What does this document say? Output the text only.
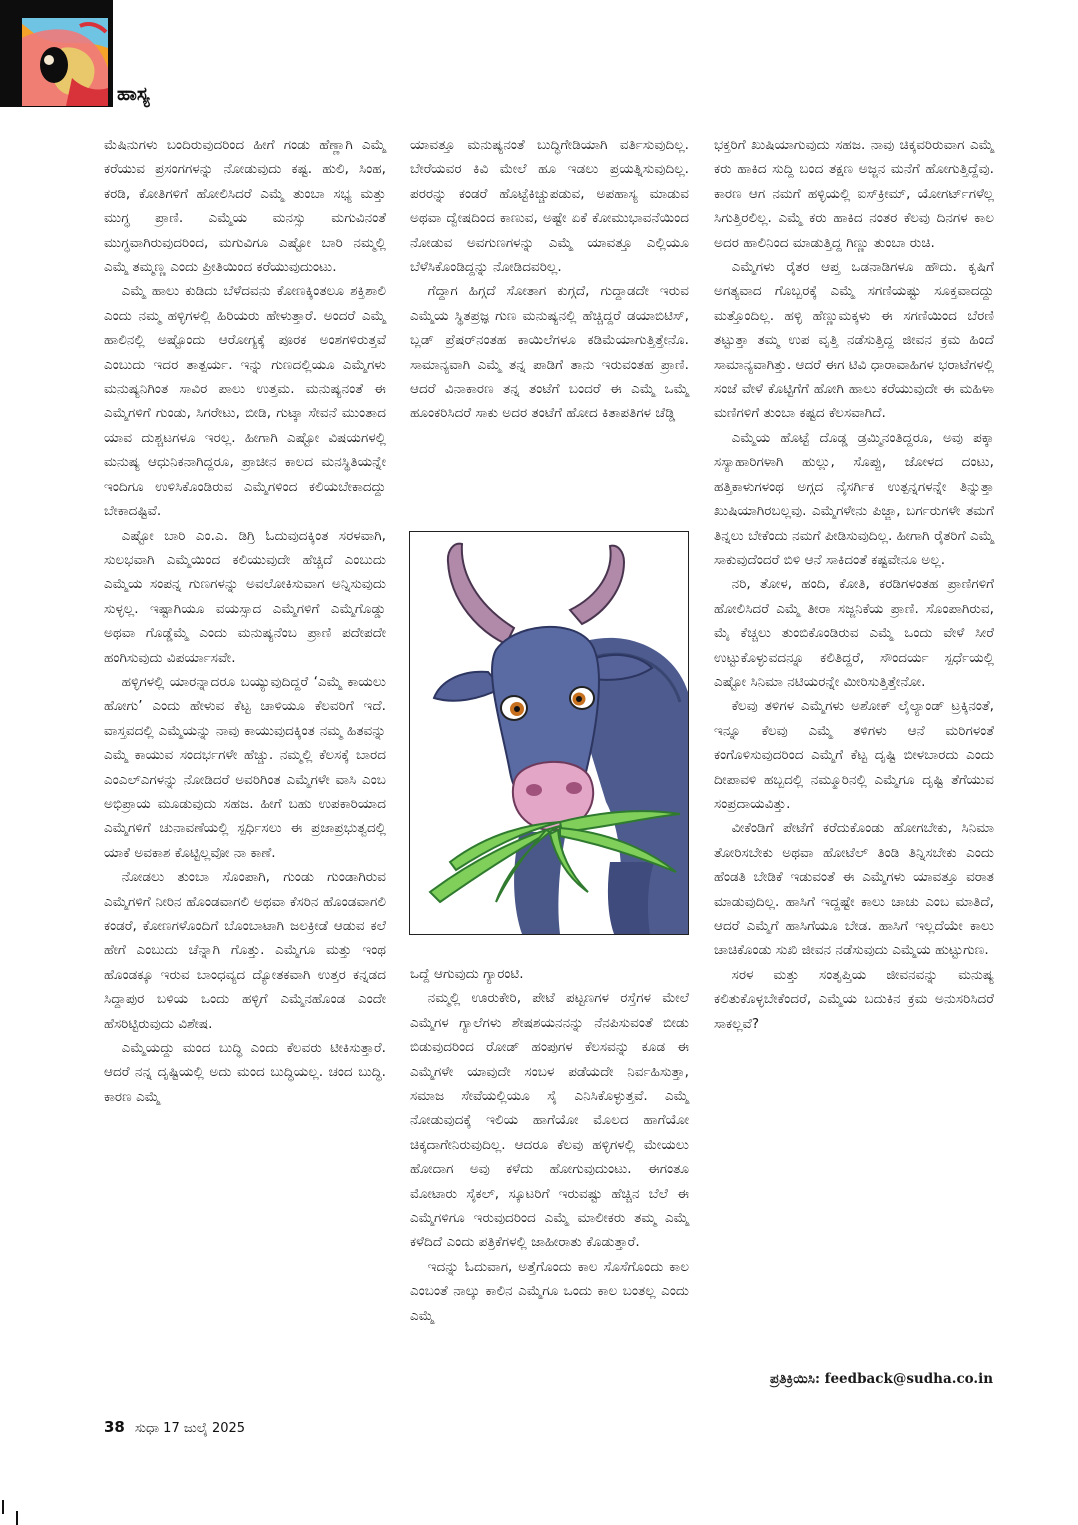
ಹಾಸ್ಯ

ಮೆಷಿನುಗಳು ಬಂದಿರುವುದರಿಂದ ಹೀಗೆ ಗಂಡು ಹೆಣ್ಣಾಗಿ ಎಮ್ಮೆ ಕರೆಯುವ ಪ್ರಸಂಗಗಳನ್ನು ನೋಡುವುದು ಕಷ್ಟ. ಹುಲಿ, ಸಿಂಹ, ಕರಡಿ, ಕೋತಿಗಳಿಗೆ ಹೋಲಿಸಿದರೆ ಎಮ್ಮೆ ತುಂಬಾ ಸಭ್ಯ ಮತ್ತು ಮುಗ್ಧ ಪ್ರಾಣಿ. ಎಮ್ಮೆಯ ಮನಸ್ಸು ಮಗುವಿನಂತೆ ಮುಗ್ಧವಾಗಿರುವುದರಿಂದ, ಮಗುವಿಗೂ ಎಷ್ಟೋ ಬಾರಿ ನಮ್ಮಲ್ಲಿ ಎಮ್ಮೆ ತಮ್ಮಣ್ಣ ಎಂದು ಪ್ರೀತಿಯಿಂದ ಕರೆಯುವುದುಂಟು.

ಎಮ್ಮೆ ಹಾಲು ಕುಡಿದು ಬೆಳೆದವನು ಕೋಣಕ್ಕಿಂತಲೂ ಶಕ್ತಿಶಾಲಿ ಎಂದು ನಮ್ಮ ಹಳ್ಳಿಗಳಲ್ಲಿ ಹಿರಿಯರು ಹೇಳುತ್ತಾರೆ. ಅಂದರೆ ಎಮ್ಮೆ ಹಾಲಿನಲ್ಲಿ ಅಷ್ಟೊಂದು ಆರೋಗ್ಯಕ್ಕೆ ಪೂರಕ ಅಂಶಗಳಿರುತ್ತವೆ ಎಂಬುದು ಇದರ ತಾತ್ಪರ್ಯ. ಇನ್ನು ಗುಣದಲ್ಲಿಯೂ ಎಮ್ಮೆಗಳು ಮನುಷ್ಯನಿಗಿಂತ ಸಾವಿರ ಪಾಲು ಉತ್ತಮ. ಮನುಷ್ಯನಂತೆ ಈ ಎಮ್ಮೆಗಳಿಗೆ ಗುಂಡು, ಸಿಗರೇಟು, ಬೀಡಿ, ಗುಟ್ಕಾ ಸೇವನೆ ಮುಂತಾದ ಯಾವ ದುಶ್ಚಟಗಳೂ ಇರಲ್ಲ. ಹೀಗಾಗಿ ಎಷ್ಟೋ ವಿಷಯಗಳಲ್ಲಿ ಮನುಷ್ಯ ಆಧುನಿಕನಾಗಿದ್ದರೂ, ಪ್ರಾಚೀನ ಕಾಲದ ಮನಸ್ಥಿತಿಯನ್ನೇ ಇಂದಿಗೂ ಉಳಿಸಿಕೊಂಡಿರುವ ಎಮ್ಮೆಗಳಿಂದ ಕಲಿಯಬೇಕಾದದ್ದು ಬೇಕಾದಷ್ಟಿವೆ.

ಎಷ್ಟೋ ಬಾರಿ ಎಂ.ಎ. ಡಿಗ್ರಿ ಓದುವುದಕ್ಕಿಂತ ಸರಳವಾಗಿ, ಸುಲಭವಾಗಿ ಎಮ್ಮೆಯಿಂದ ಕಲಿಯುವುದೇ ಹೆಚ್ಚಿದೆ ಎಂಬುದು ಎಮ್ಮೆಯ ಸಂಪನ್ನ ಗುಣಗಳನ್ನು ಅವಲೋಕಿಸುವಾಗ ಅನ್ನಿಸುವುದು ಸುಳ್ಳಲ್ಲ. ಇಷ್ಟಾಗಿಯೂ ವಯಸ್ಸಾದ ಎಮ್ಮೆಗಳಿಗೆ ಎಮ್ಮೆಗೊಡ್ಡು ಅಥವಾ ಗೊಡ್ಡೆಮ್ಮೆ ಎಂದು ಮನುಷ್ಯನೆಂಬ ಪ್ರಾಣಿ ಪದೇಪದೇ ಹಂಗಿಸುವುದು ವಿಪರ್ಯಾಸವೇ.

ಹಳ್ಳಿಗಳಲ್ಲಿ ಯಾರನ್ನಾದರೂ ಬಯ್ಯುವುದಿದ್ದರೆ ‘ಎಮ್ಮೆ ಕಾಯಲು ಹೋಗು’ ಎಂದು ಹೇಳುವ ಕೆಟ್ಟ ಚಾಳಿಯೂ ಕೆಲವರಿಗೆ ಇದೆ. ವಾಸ್ತವದಲ್ಲಿ ಎಮ್ಮೆಯನ್ನು ನಾವು ಕಾಯುವುದಕ್ಕಿಂತ ನಮ್ಮ ಹಿತವನ್ನು ಎಮ್ಮೆ ಕಾಯುವ ಸಂದರ್ಭಗಳೇ ಹೆಚ್ಚು. ನಮ್ಮಲ್ಲಿ ಕೆಲಸಕ್ಕೆ ಬಾರದ ಎಂಎಲ್ಎಗಳನ್ನು ನೋಡಿದರೆ ಅವರಿಗಿಂತ ಎಮ್ಮೆಗಳೇ ವಾಸಿ ಎಂಬ ಅಭಿಪ್ರಾಯ ಮೂಡುವುದು ಸಹಜ. ಹೀಗೆ ಬಹು ಉಪಕಾರಿಯಾದ ಎಮ್ಮೆಗಳಿಗೆ ಚುನಾವಣೆಯಲ್ಲಿ ಸ್ಪರ್ಧಿಸಲು ಈ ಪ್ರಜಾಪ್ರಭುತ್ವದಲ್ಲಿ ಯಾಕೆ ಅವಕಾಶ ಕೊಟ್ಟಿಲ್ಲವೋ ನಾ ಕಾಣೆ.

ನೋಡಲು ತುಂಬಾ ಸೊಂಪಾಗಿ, ಗುಂಡು ಗುಂಡಾಗಿರುವ ಎಮ್ಮೆಗಳಿಗೆ ನೀರಿನ ಹೊಂಡವಾಗಲಿ ಅಥವಾ ಕೆಸರಿನ ಹೊಂಡವಾಗಲಿ ಕಂಡರೆ, ಕೋಣಗಳೊಂದಿಗೆ ಬೊಂಬಾಟಾಗಿ ಜಲಕ್ರೀಡೆ ಆಡುವ ಕಲೆ ಹೇಗೆ ಎಂಬುದು ಚೆನ್ನಾಗಿ ಗೊತ್ತು. ಎಮ್ಮೆಗೂ ಮತ್ತು ಇಂಥ ಹೊಂಡಕ್ಕೂ ಇರುವ ಬಾಂಧವ್ಯದ ದ್ಯೋತಕವಾಗಿ ಉತ್ತರ ಕನ್ನಡದ ಸಿದ್ದಾಪುರ ಬಳಿಯ ಒಂದು ಹಳ್ಳಿಗೆ ಎಮ್ಮೆನಹೊಂಡ ಎಂದೇ ಹೆಸರಿಟ್ಟಿರುವುದು ವಿಶೇಷ.

ಎಮ್ಮೆಯದ್ದು ಮಂದ ಬುದ್ಧಿ ಎಂದು ಕೆಲವರು ಟೀಕಿಸುತ್ತಾರೆ. ಆದರೆ ನನ್ನ ದೃಷ್ಟಿಯಲ್ಲಿ ಅದು ಮಂದ ಬುದ್ಧಿಯಲ್ಲ. ಚಂದ ಬುದ್ಧಿ. ಕಾರಣ ಎಮ್ಮೆ

ಯಾವತ್ತೂ ಮನುಷ್ಯನಂತೆ ಬುದ್ಧಿಗೇಡಿಯಾಗಿ ವರ್ತಿಸುವುದಿಲ್ಲ. ಬೇರೆಯವರ ಕಿವಿ ಮೇಲೆ ಹೂ ಇಡಲು ಪ್ರಯತ್ನಿಸುವುದಿಲ್ಲ. ಪರರನ್ನು ಕಂಡರೆ ಹೊಟ್ಟೆಕಿಚ್ಚುಪಡುವ, ಅಪಹಾಸ್ಯ ಮಾಡುವ ಅಥವಾ ದ್ವೇಷದಿಂದ ಕಾಣುವ, ಅಷ್ಟೇ ಏಕೆ ಕೋಮುಭಾವನೆಯಿಂದ ನೋಡುವ ಅವಗುಣಗಳನ್ನು ಎಮ್ಮೆ ಯಾವತ್ತೂ ಎಲ್ಲಿಯೂ ಬೆಳೆಸಿಕೊಂಡಿದ್ದನ್ನು ನೋಡಿದವರಿಲ್ಲ.

ಗೆದ್ದಾಗ ಹಿಗ್ಗದೆ ಸೋತಾಗ ಕುಗ್ಗದೆ, ಗುದ್ದಾಡದೇ ಇರುವ ಎಮ್ಮೆಯ ಸ್ಥಿತಪ್ರಜ್ಞ ಗುಣ ಮನುಷ್ಯನಲ್ಲಿ ಹೆಚ್ಚಿದ್ದರೆ ಡಯಾಬಿಟಿಸ್, ಬ್ಲಡ್ ಪ್ರೆಷರ್‌ನಂತಹ ಕಾಯಿಲೆಗಳೂ ಕಡಿಮೆಯಾಗುತ್ತಿತ್ತೇನೊ. ಸಾಮಾನ್ಯವಾಗಿ ಎಮ್ಮೆ ತನ್ನ ಪಾಡಿಗೆ ತಾನು ಇರುವಂತಹ ಪ್ರಾಣಿ. ಆದರೆ ವಿನಾಕಾರಣ ತನ್ನ ತಂಟೆಗೆ ಬಂದರೆ ಈ ಎಮ್ಮೆ ಒಮ್ಮೆ ಹೂಂಕರಿಸಿದರೆ ಸಾಕು ಅದರ ತಂಟೆಗೆ ಹೋದ ಕಿತಾಪತಿಗಳ ಚೆಡ್ಡಿ

ಒದ್ದೆ ಆಗುವುದು ಗ್ಯಾರಂಟಿ.

ನಮ್ಮಲ್ಲಿ ಊರುಕೇರಿ, ಪೇಟೆ ಪಟ್ಟಣಗಳ ರಸ್ತೆಗಳ ಮೇಲೆ ಎಮ್ಮೆಗಳ ಗ್ಯಾಲೆಗಳು ಶೇಷಶಯನನನ್ನು ನೆನಪಿಸುವಂತೆ ಬೀಡು ಬಿಡುವುದರಿಂದ ರೋಡ್ ಹಂಪುಗಳ ಕೆಲಸವನ್ನು ಕೂಡ ಈ ಎಮ್ಮೆಗಳೇ ಯಾವುದೇ ಸಂಬಳ ಪಡೆಯದೇ ನಿರ್ವಹಿಸುತ್ತಾ, ಸಮಾಜ ಸೇವೆಯಲ್ಲಿಯೂ ಸೈ ಎನಿಸಿಕೊಳ್ಳುತ್ತವೆ. ಎಮ್ಮೆ ನೋಡುವುದಕ್ಕೆ ಇಲಿಯ ಹಾಗೆಯೋ ಮೊಲದ ಹಾಗೆಯೋ ಚಿಕ್ಕದಾಗೇನಿರುವುದಿಲ್ಲ. ಆದರೂ ಕೆಲವು ಹಳ್ಳಿಗಳಲ್ಲಿ ಮೇಯಲು ಹೋದಾಗ ಅವು ಕಳೆದು ಹೋಗುವುದುಂಟು. ಈಗಂತೂ ಮೋಟಾರು ಸೈಕಲ್, ಸ್ಕೂಟರಿಗೆ ಇರುವಷ್ಟು ಹೆಚ್ಚಿನ ಬೆಲೆ ಈ ಎಮ್ಮೆಗಳಿಗೂ ಇರುವುದರಿಂದ ಎಮ್ಮೆ ಮಾಲೀಕರು ತಮ್ಮ ಎಮ್ಮೆ ಕಳೆದಿದೆ ಎಂದು ಪತ್ರಿಕೆಗಳಲ್ಲಿ ಜಾಹೀರಾತು ಕೊಡುತ್ತಾರೆ.

ಇದನ್ನು ಓದುವಾಗ, ಅತ್ತೆಗೊಂದು ಕಾಲ ಸೊಸೆಗೊಂದು ಕಾಲ ಎಂಬಂತೆ ನಾಲ್ಕು ಕಾಲಿನ ಎಮ್ಮೆಗೂ ಒಂದು ಕಾಲ ಬಂತಲ್ಲ ಎಂದು ಎಮ್ಮೆ

ಭಕ್ತರಿಗೆ ಖುಷಿಯಾಗುವುದು ಸಹಜ. ನಾವು ಚಿಕ್ಕವರಿರುವಾಗ ಎಮ್ಮೆ ಕರು ಹಾಕಿದ ಸುದ್ದಿ ಬಂದ ತಕ್ಷಣ ಅಜ್ಜನ ಮನೆಗೆ ಹೋಗುತ್ತಿದ್ದೆವು. ಕಾರಣ ಆಗ ನಮಗೆ ಹಳ್ಳಿಯಲ್ಲಿ ಐಸ್‌ಕ್ರೀಮ್, ಯೋಗರ್ಟ್‌ಗಳೆಲ್ಲ ಸಿಗುತ್ತಿರಲಿಲ್ಲ. ಎಮ್ಮೆ ಕರು ಹಾಕಿದ ನಂತರ ಕೆಲವು ದಿನಗಳ ಕಾಲ ಅದರ ಹಾಲಿನಿಂದ ಮಾಡುತ್ತಿದ್ದ ಗಿಣ್ಣು ತುಂಬಾ ರುಚಿ.

ಎಮ್ಮೆಗಳು ರೈತರ ಆಪ್ತ ಒಡನಾಡಿಗಳೂ ಹೌದು. ಕೃಷಿಗೆ ಅಗತ್ಯವಾದ ಗೊಬ್ಬರಕ್ಕೆ ಎಮ್ಮೆ ಸಗಣಿಯಷ್ಟು ಸೂಕ್ತವಾದದ್ದು ಮತ್ತೊಂದಿಲ್ಲ. ಹಳ್ಳಿ ಹೆಣ್ಣುಮಕ್ಕಳು ಈ ಸಗಣಿಯಿಂದ ಬೆರಣಿ ತಟ್ಟುತ್ತಾ ತಮ್ಮ ಉಪ ವೃತ್ತಿ ನಡೆಸುತ್ತಿದ್ದ ಜೀವನ ಕ್ರಮ ಹಿಂದೆ ಸಾಮಾನ್ಯವಾಗಿತ್ತು. ಆದರೆ ಈಗ ಟಿವಿ ಧಾರಾವಾಹಿಗಳ ಭರಾಟೆಗಳಲ್ಲಿ ಸಂಜೆ ವೇಳೆ ಕೊಟ್ಟಿಗೆಗೆ ಹೋಗಿ ಹಾಲು ಕರೆಯುವುದೇ ಈ ಮಹಿಳಾ ಮಣಿಗಳಿಗೆ ತುಂಬಾ ಕಷ್ಟದ ಕೆಲಸವಾಗಿದೆ.

ಎಮ್ಮೆಯ ಹೊಟ್ಟೆ ದೊಡ್ಡ ಡ್ರಮ್ಮಿನಂತಿದ್ದರೂ, ಅವು ಪಕ್ಕಾ ಸಸ್ಯಾಹಾರಿಗಳಾಗಿ ಹುಲ್ಲು, ಸೊಪ್ಪು, ಜೋಳದ ದಂಟು, ಹತ್ತಿಕಾಳುಗಳಂಥ ಅಗ್ಗದ ನೈಸರ್ಗಿಕ ಉತ್ಪನ್ನಗಳನ್ನೇ ತಿನ್ನುತ್ತಾ ಖುಷಿಯಾಗಿರಬಲ್ಲವು. ಎಮ್ಮೆಗಳೇನು ಪಿಜ್ಜಾ, ಬರ್ಗರುಗಳೇ ತಮಗೆ ತಿನ್ನಲು ಬೇಕೆಂದು ನಮಗೆ ಪೀಡಿಸುವುದಿಲ್ಲ. ಹೀಗಾಗಿ ರೈತರಿಗೆ ಎಮ್ಮೆ ಸಾಕುವುದೆಂದರೆ ಬಿಳಿ ಆನೆ ಸಾಕಿದಂತೆ ಕಷ್ಟವೇನೂ ಅಲ್ಲ.

ನರಿ, ತೋಳ, ಹಂದಿ, ಕೋತಿ, ಕರಡಿಗಳಂತಹ ಪ್ರಾಣಿಗಳಿಗೆ ಹೋಲಿಸಿದರೆ ಎಮ್ಮೆ ತೀರಾ ಸಜ್ಜನಿಕೆಯ ಪ್ರಾಣಿ. ಸೊಂಪಾಗಿರುವ, ಮೈ ಕೆಚ್ಚಲು ತುಂಬಿಕೊಂಡಿರುವ ಎಮ್ಮೆ ಒಂದು ವೇಳೆ ಸೀರೆ ಉಟ್ಟುಕೊಳ್ಳುವದನ್ನೂ ಕಲಿತಿದ್ದರೆ, ಸೌಂದರ್ಯ ಸ್ಪರ್ಧೆಯಲ್ಲಿ ಎಷ್ಟೋ ಸಿನಿಮಾ ನಟಿಯರನ್ನೇ ಮೀರಿಸುತ್ತಿತ್ತೇನೋ.

ಕೆಲವು ತಳಿಗಳ ಎಮ್ಮೆಗಳು ಅಶೋಕ್ ಲೈಲ್ಯಾಂಡ್ ಟ್ರಕ್ಕಿನಂತೆ, ಇನ್ನೂ ಕೆಲವು ಎಮ್ಮೆ ತಳಿಗಳು ಆನೆ ಮರಿಗಳಂತೆ ಕಂಗೊಳಿಸುವುದರಿಂದ ಎಮ್ಮೆಗೆ ಕೆಟ್ಟ ದೃಷ್ಟಿ ಬೀಳಬಾರದು ಎಂದು ದೀಪಾವಳಿ ಹಬ್ಬದಲ್ಲಿ ನಮ್ಮೂರಿನಲ್ಲಿ ಎಮ್ಮೆಗೂ ದೃಷ್ಟಿ ತೆಗೆಯುವ ಸಂಪ್ರದಾಯವಿತ್ತು.

ವೀಕೆಂಡಿಗೆ ಪೇಟೆಗೆ ಕರೆದುಕೊಂಡು ಹೋಗಬೇಕು, ಸಿನಿಮಾ ತೋರಿಸಬೇಕು ಅಥವಾ ಹೋಟೆಲ್ ತಿಂಡಿ ತಿನ್ನಿಸಬೇಕು ಎಂದು ಹೆಂಡತಿ ಬೇಡಿಕೆ ಇಡುವಂತೆ ಈ ಎಮ್ಮೆಗಳು ಯಾವತ್ತೂ ವರಾತ ಮಾಡುವುದಿಲ್ಲ. ಹಾಸಿಗೆ ಇದ್ದಷ್ಟೇ ಕಾಲು ಚಾಚು ಎಂಬ ಮಾತಿದೆ, ಆದರೆ ಎಮ್ಮೆಗೆ ಹಾಸಿಗೆಯೂ ಬೇಡ. ಹಾಸಿಗೆ ಇಲ್ಲದೆಯೇ ಕಾಲು ಚಾಚಿಕೊಂಡು ಸುಖಿ ಜೀವನ ನಡೆಸುವುದು ಎಮ್ಮೆಯ ಹುಟ್ಟುಗುಣ.

ಸರಳ ಮತ್ತು ಸಂತೃಪ್ತಿಯ ಜೀವನವನ್ನು ಮನುಷ್ಯ ಕಲಿತುಕೊಳ್ಳಬೇಕೆಂದರೆ, ಎಮ್ಮೆಯ ಬದುಕಿನ ಕ್ರಮ ಅನುಸರಿಸಿದರೆ ಸಾಕಲ್ಲವೆ?

ಪ್ರತಿಕ್ರಿಯಿಸಿ: feedback@sudha.co.in
38 ಸುಧಾ 17 ಜುಲೈ 2025
